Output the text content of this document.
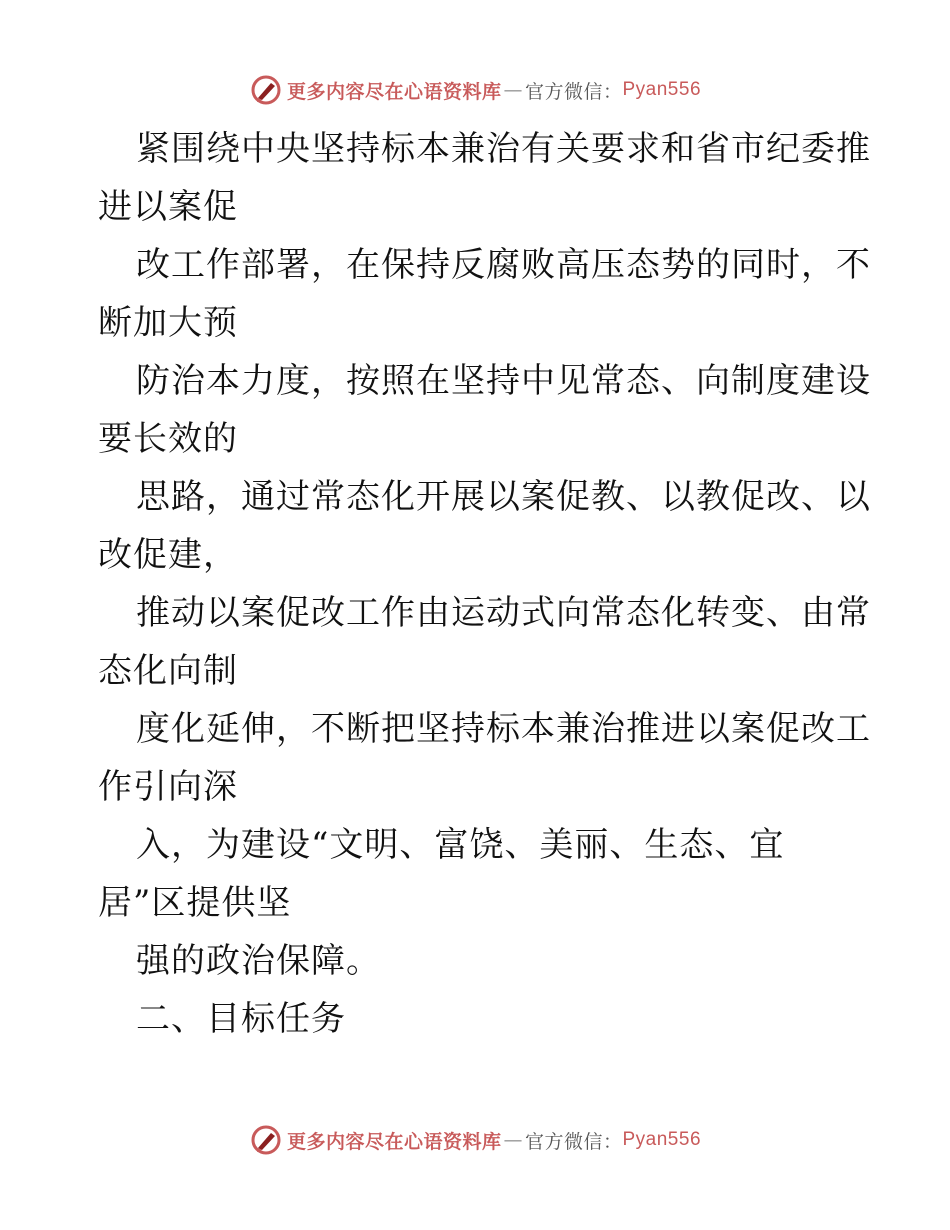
更多内容尽在心语资料库 — 官方微信： Pyan556
紧围绕中央坚持标本兼治有关要求和省市纪委推
进以案促
改工作部署，在保持反腐败高压态势的同时，不
断加大预
防治本力度，按照在坚持中见常态、向制度建设
要长效的
思路，通过常态化开展以案促教、以教促改、以
改促建，
推动以案促改工作由运动式向常态化转变、由常
态化向制
度化延伸，不断把坚持标本兼治推进以案促改工
作引向深
入，为建设“文明、富饶、美丽、生态、宜
居”区提供坚
强的政治保障。
二、目标任务
更多内容尽在心语资料库 — 官方微信： Pyan556
